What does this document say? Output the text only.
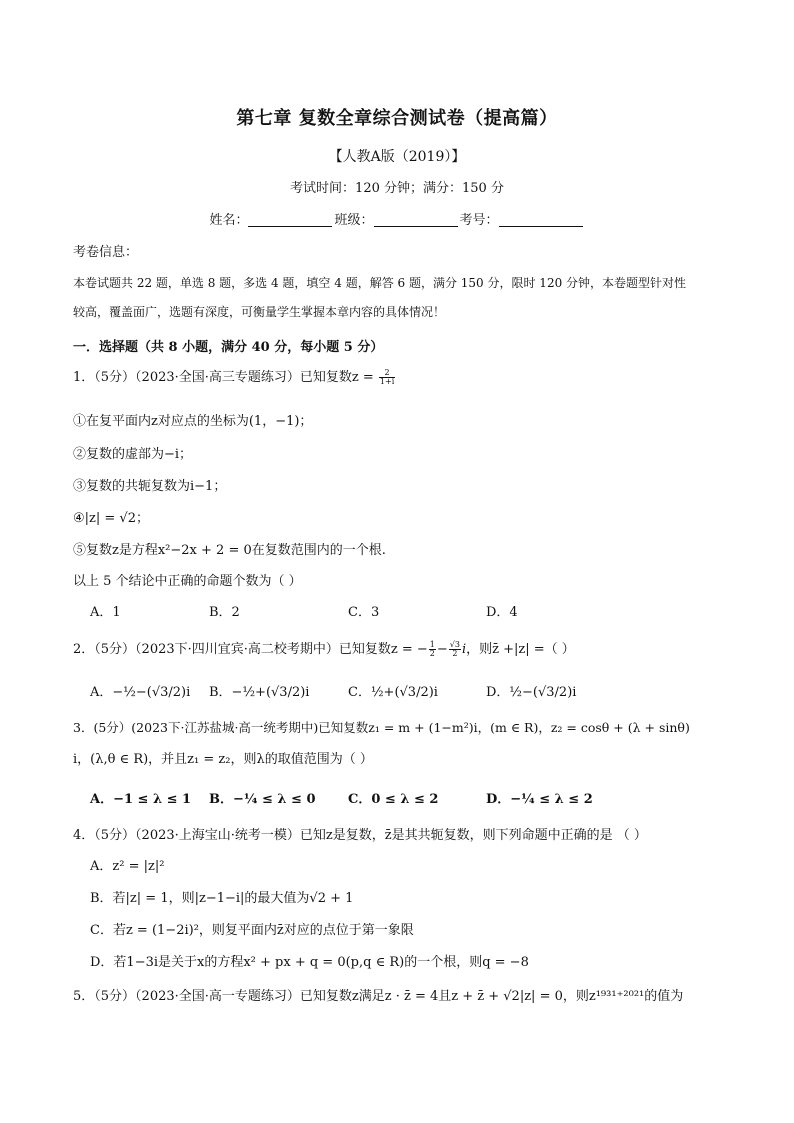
第七章 复数全章综合测试卷（提高篇）
【人教A版（2019）】
考试时间：120 分钟；满分：150 分
姓名：	班级：	考号：
考卷信息：
本卷试题共 22 题，单选 8 题，多选 4 题，填空 4 题，解答 6 题，满分 150 分，限时 120 分钟，本卷题型针对性
较高，覆盖面广，选题有深度，可衡量学生掌握本章内容的具体情况！
一．选择题（共 8 小题，满分 40 分，每小题 5 分）
1．（5分）（2023·全国·高三专题练习）已知复数$z = \frac{2}{1+i}$
①在复平面内z对应点的坐标为(1，−1)；
②复数的虚部为−i；
③复数的共轭复数为i−1；
④|z| = √2；
⑤复数z是方程x²−2x + 2 = 0在复数范围内的一个根.
以上 5 个结论中正确的命题个数为（ ）
A．1	B．2	C．3	D．4
2．（5分）（2023下·四川宜宾·高二校考期中）已知复数z = − $\frac{1}{2} - \frac{√3}{2}$ i，则z̄ +|z| =（ ）
A．−½−(√3/2)i B．−½+(√3/2)i	C．½+(√3/2)i	D．½−(√3/2)i
3．(5分）(2023下·江苏盐城·高一统考期中)已知复数z₁ = m + (1−m²)i，(m ∈ R)，z₂ = cosθ + (λ + sinθ)
i，(λ,θ ∈ R)，并且z₁ = z₂，则λ的取值范围为（ ）
A．−1 ≤ λ ≤ 1 B．−¼ ≤ λ ≤ 0	C．0 ≤ λ ≤ 2	D．−¼ ≤ λ ≤ 2
4．（5分）（2023·上海宝山·统考一模）已知z是复数，z̄是其共轭复数，则下列命题中正确的是 （ ）
A．z² = |z|²
B．若|z| = 1，则|z−1−i|的最大值为√2 + 1
C．若z = (1−2i)²，则复平面内z̄对应的点位于第一象限
D．若1−3i是关于x的方程x² + px + q = 0(p,q ∈ R)的一个根，则q = −8
5．（5分）（2023·全国·高一专题练习）已知复数z满足z · z̄ = 4且z + z̄ + √2|z| = 0，则z¹⁹³¹⁺²⁰²¹的值为
